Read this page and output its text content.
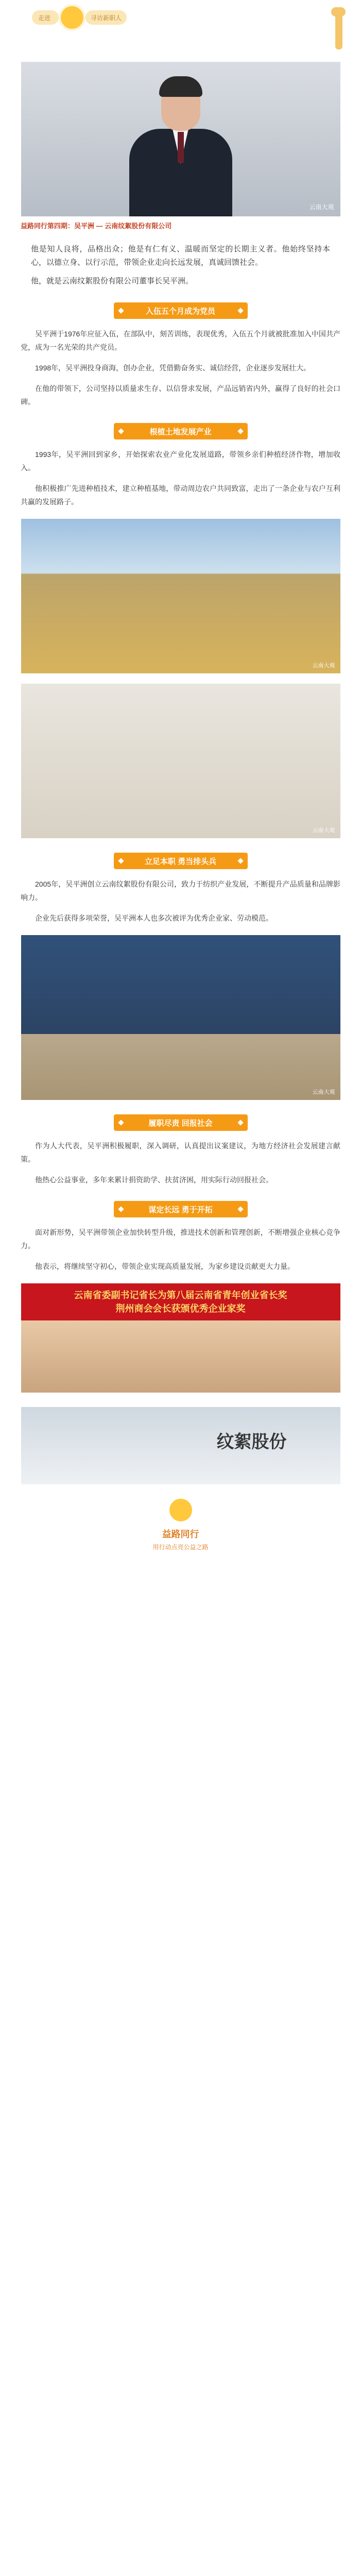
走进	寻访新职人
云南大观

益路同行第四期：吴平洲 — 云南纹絮股份有限公司

他是知人良将，品格出众；他是有仁有义、温暖而坚定的长期主义者。他始终坚持本心，以德立身、以行示范，带领企业走向长远发展，真诚回馈社会。

他，就是云南纹絮股份有限公司董事长吴平洲。

入伍五个月成为党员

吴平洲于1976年应征入伍，在部队中，刻苦训练，表现优秀，入伍五个月就被批准加入中国共产党，成为一名光荣的共产党员。

1998年，吴平洲投身商海，创办企业，凭借勤奋务实、诚信经营，企业逐步发展壮大。

在他的带领下，公司坚持以质量求生存、以信誉求发展，产品远销省内外，赢得了良好的社会口碑。

根植土地发展产业

1993年，吴平洲回到家乡，开始探索农业产业化发展道路，带领乡亲们种植经济作物，增加收入。

他积极推广先进种植技术，建立种植基地，带动周边农户共同致富，走出了一条企业与农户互利共赢的发展路子。

云南大观
云南大观
立足本职 勇当排头兵

2005年，吴平洲创立云南纹絮股份有限公司，致力于纺织产业发展，不断提升产品质量和品牌影响力。

企业先后获得多项荣誉，吴平洲本人也多次被评为优秀企业家、劳动模范。

云南大观
履职尽责 回报社会

作为人大代表，吴平洲积极履职，深入调研，认真提出议案建议，为地方经济社会发展建言献策。

他热心公益事业，多年来累计捐资助学、扶贫济困，用实际行动回报社会。

谋定长远 勇于开拓

面对新形势，吴平洲带领企业加快转型升级，推进技术创新和管理创新，不断增强企业核心竞争力。

他表示，将继续坚守初心，带领企业实现高质量发展，为家乡建设贡献更大力量。

云南省委副书记省长为第八届云南省青年创业省长奖
荆州商会会长获颁优秀企业家奖
纹絮股份
益路同行
用行动点亮公益之路
